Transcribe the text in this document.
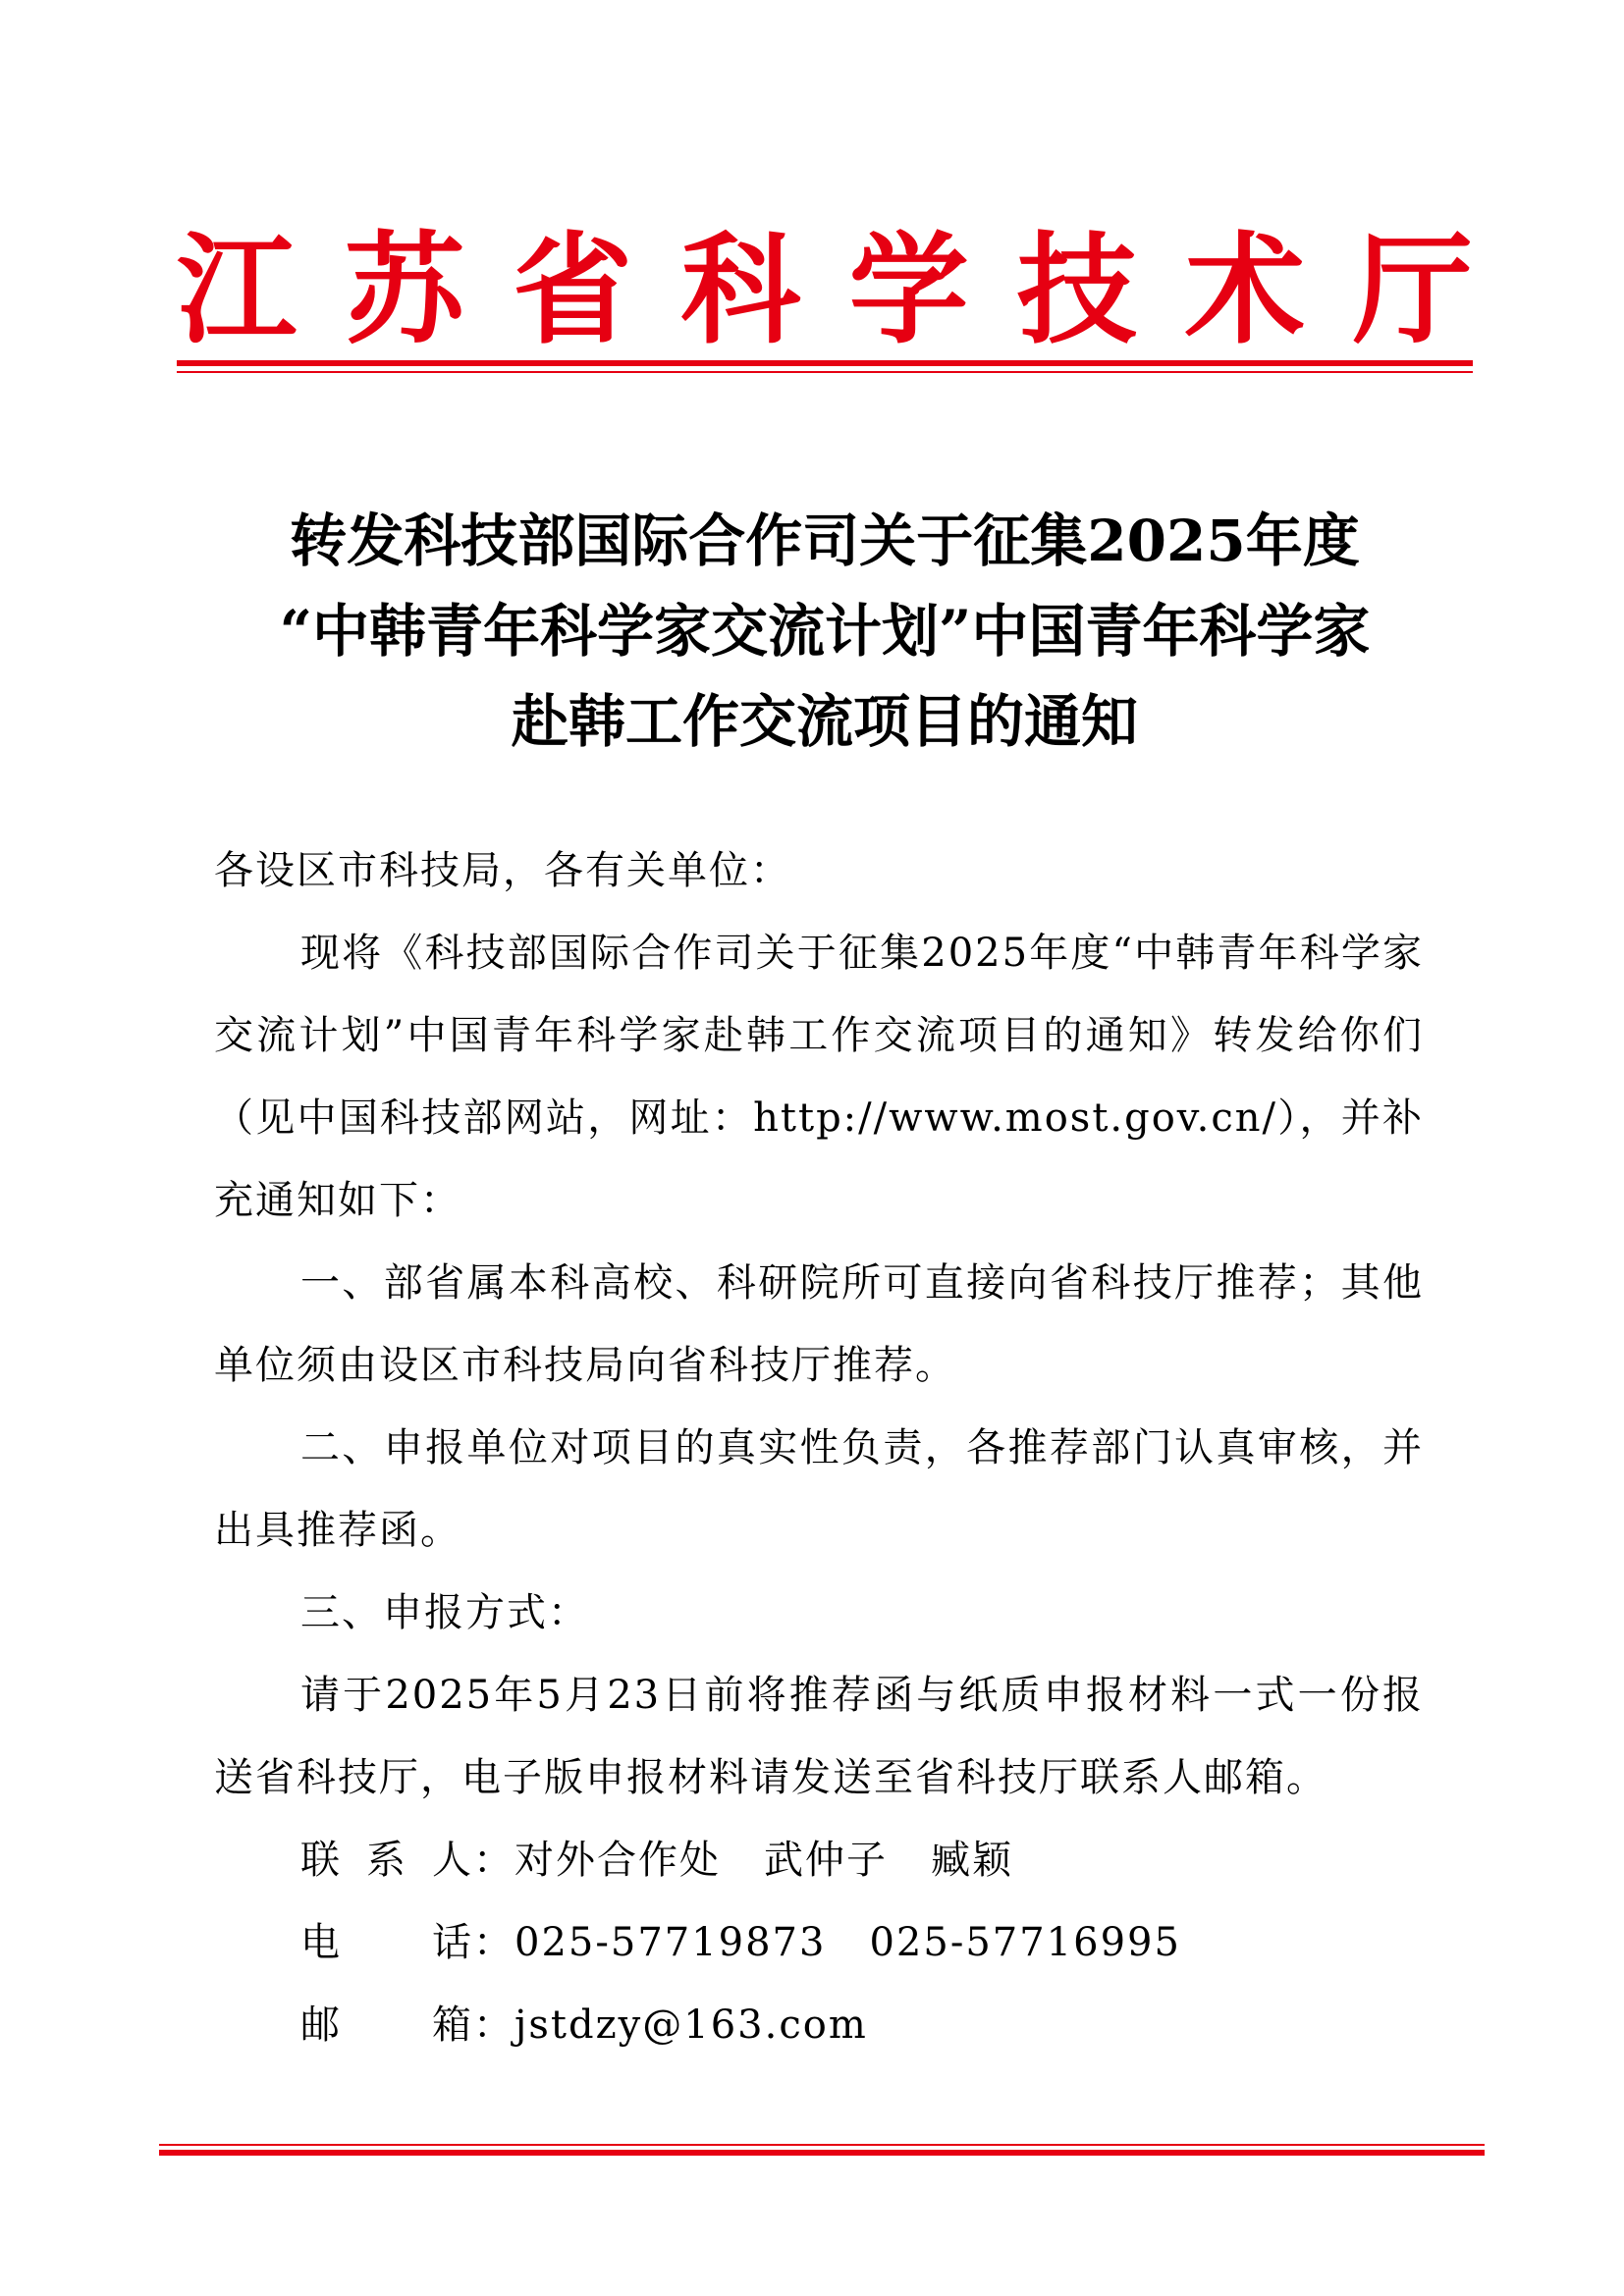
江 苏 省 科 学 技 术 厅
转发科技部国际合作司关于征集2025年度
“中韩青年科学家交流计划”中国青年科学家
赴韩工作交流项目的通知

各设区市科技局，各有关单位：

现将《科技部国际合作司关于征集2025年度“中韩青年科学家交流计划”中国青年科学家赴韩工作交流项目的通知》转发给你们（见中国科技部网站，网址：http://www.most.gov.cn/），并补充通知如下：

一、部省属本科高校、科研院所可直接向省科技厅推荐；其他单位须由设区市科技局向省科技厅推荐。

二、申报单位对项目的真实性负责，各推荐部门认真审核，并出具推荐函。

三、申报方式：

请于2025年5月23日前将推荐函与纸质申报材料一式一份报送省科技厅，电子版申报材料请发送至省科技厅联系人邮箱。

联系人 ： 对外合作处 武仲子 臧颖
电话 ： 025-57719873 025-57716995
邮箱 ： jstdzy@163.com
